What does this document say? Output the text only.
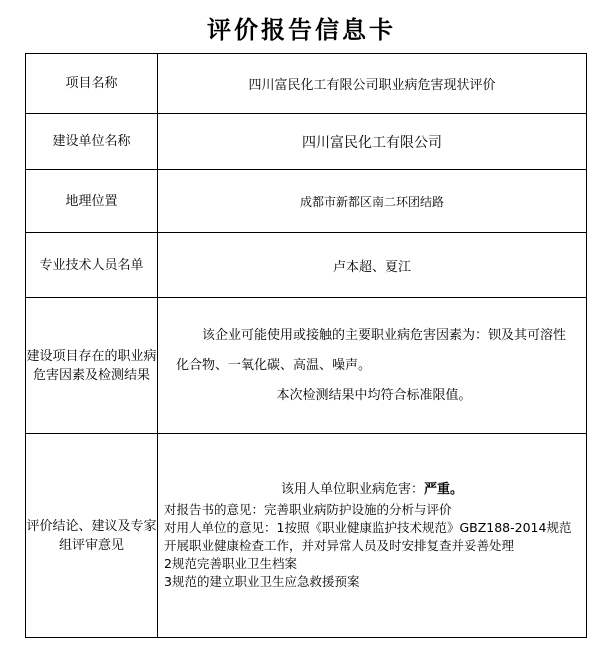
评价报告信息卡
项目名称	四川富民化工有限公司职业病危害现状评价
建设单位名称	四川富民化工有限公司
地理位置	成都市新都区南二环团结路
专业技术人员名单	卢本超、夏江
建设项目存在的职业病危害因素及检测结果	该企业可能使用或接触的主要职业病危害因素为：钡及其可溶性化合物、一氧化碳、高温、噪声。
本次检测结果中均符合标准限值。

评价结论、建议及专家组评审意见	该用人单位职业病危害：严重。
对报告书的意见：完善职业病防护设施的分析与评价
对用人单位的意见：1按照《职业健康监护技术规范》GBZ188-2014规范开展职业健康检查工作，并对异常人员及时安排复查并妥善处理
2规范完善职业卫生档案
3规范的建立职业卫生应急救援预案
